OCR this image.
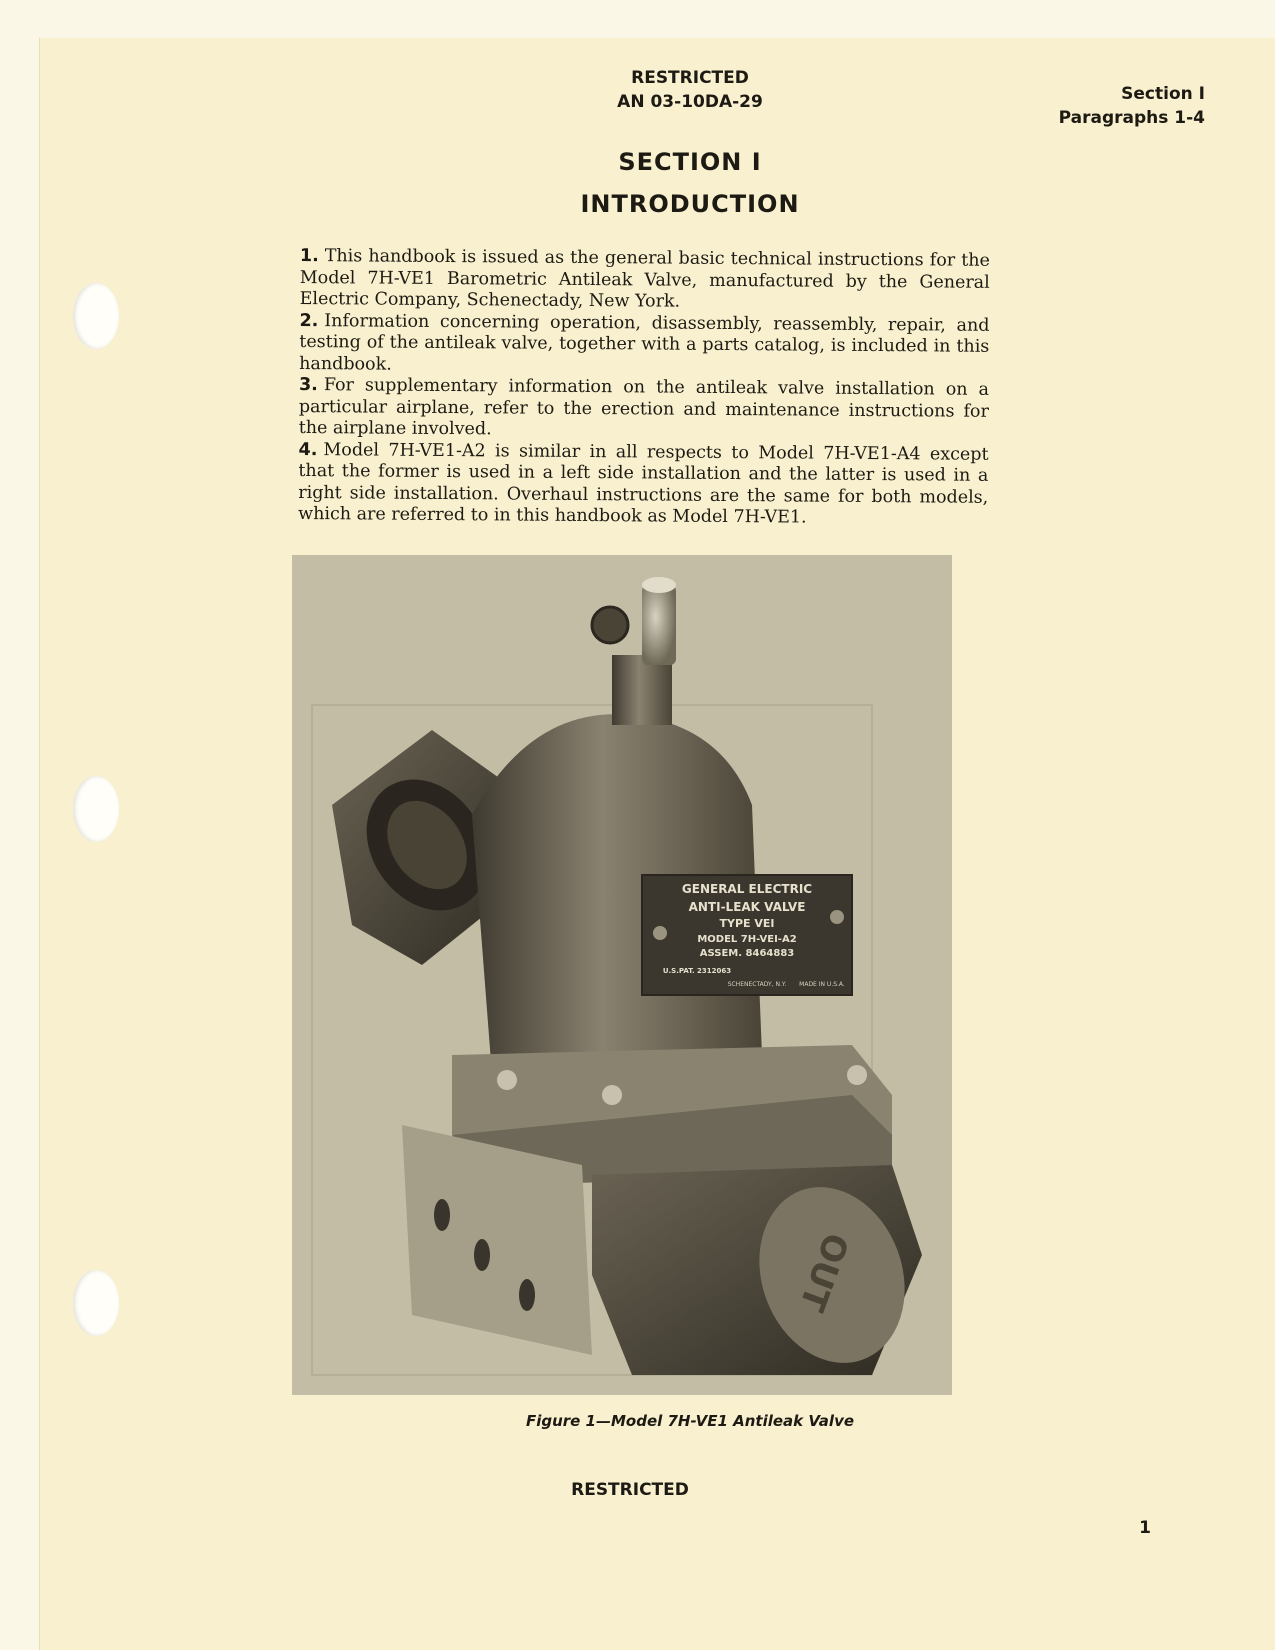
RESTRICTED
AN 03-10DA-29	Section I
Paragraphs 1-4
SECTION I
INTRODUCTION

1. This handbook is issued as the general basic technical instructions for the Model 7H-VE1 Barometric Antileak Valve, manufactured by the General Electric Company, Schenectady, New York.

2. Information concerning operation, disassembly, reassembly, repair, and testing of the antileak valve, together with a parts catalog, is included in this handbook.

3. For supplementary information on the antileak valve installation on a particular airplane, refer to the erection and maintenance instructions for the airplane involved.

4. Model 7H-VE1-A2 is similar in all respects to Model 7H-VE1-A4 except that the former is used in a left side installation and the latter is used in a right side installation. Overhaul instructions are the same for both models, which are referred to in this handbook as Model 7H-VE1.

GENERAL ELECTRIC
ANTI-LEAK VALVE
TYPE VEI
MODEL 7H-VEI-A2
ASSEM. 8464883
U.S.PAT. 2312063
SCHENECTADY, N.Y. MADE IN U.S.A.
OUT
Figure 1—Model 7H-VE1 Antileak Valve
RESTRICTED
1
